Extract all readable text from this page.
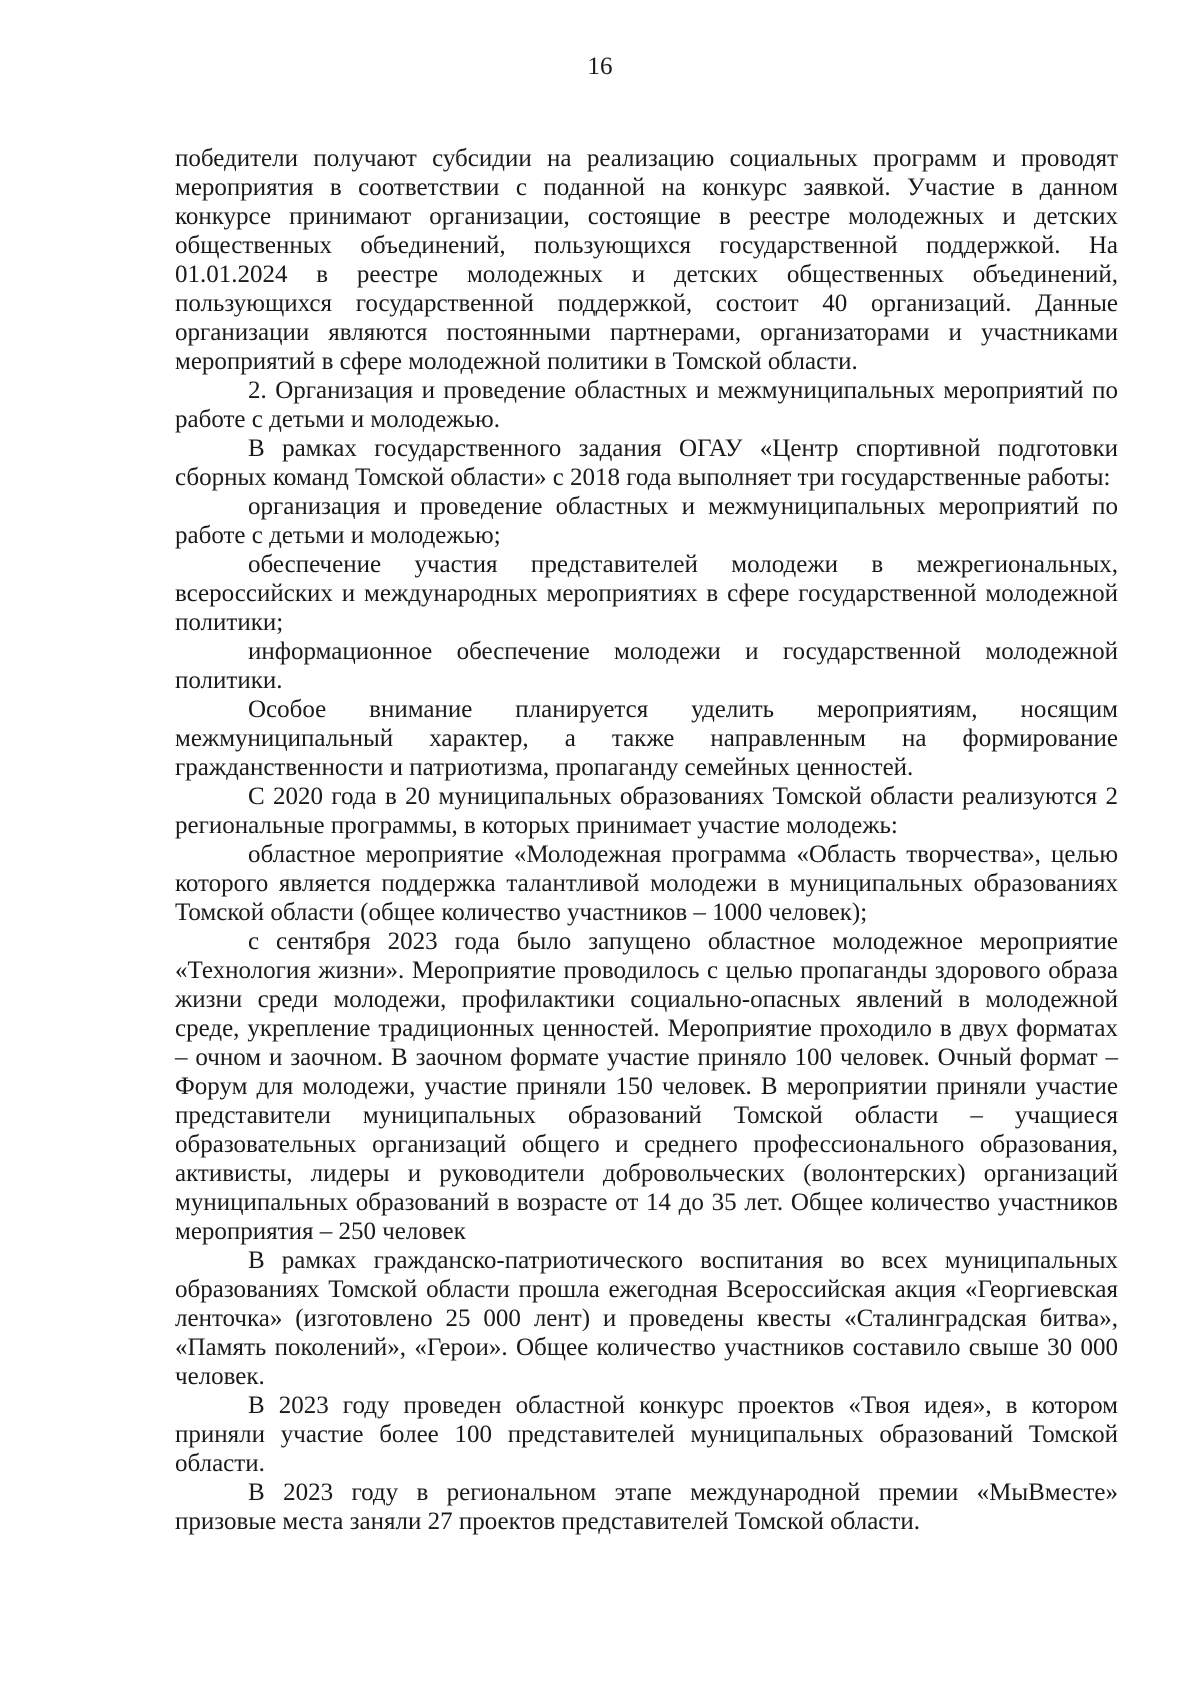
16

победители получают субсидии на реализацию социальных программ и проводят мероприятия в соответствии с поданной на конкурс заявкой. Участие в данном конкурсе принимают организации, состоящие в реестре молодежных и детских общественных объединений, пользующихся государственной поддержкой. На 01.01.2024 в реестре молодежных и детских общественных объединений, пользующихся государственной поддержкой, состоит 40 организаций. Данные организации являются постоянными партнерами, организаторами и участниками мероприятий в сфере молодежной политики в Томской области.

2. Организация и проведение областных и межмуниципальных мероприятий по работе с детьми и молодежью.

В рамках государственного задания ОГАУ «Центр спортивной подготовки сборных команд Томской области» с 2018 года выполняет три государственные работы:

организация и проведение областных и межмуниципальных мероприятий по работе с детьми и молодежью;

обеспечение участия представителей молодежи в межрегиональных, всероссийских и международных мероприятиях в сфере государственной молодежной политики;

информационное обеспечение молодежи и государственной молодежной политики.

Особое внимание планируется уделить мероприятиям, носящим межмуниципальный характер, а также направленным на формирование гражданственности и патриотизма, пропаганду семейных ценностей.

С 2020 года в 20 муниципальных образованиях Томской области реализуются 2 региональные программы, в которых принимает участие молодежь:

областное мероприятие «Молодежная программа «Область творчества», целью которого является поддержка талантливой молодежи в муниципальных образованиях Томской области (общее количество участников – 1000 человек);

с сентября 2023 года было запущено областное молодежное мероприятие «Технология жизни». Мероприятие проводилось с целью пропаганды здорового образа жизни среди молодежи, профилактики социально-опасных явлений в молодежной среде, укрепление традиционных ценностей. Мероприятие проходило в двух форматах – очном и заочном. В заочном формате участие приняло 100 человек. Очный формат – Форум для молодежи, участие приняли 150 человек. В мероприятии приняли участие представители муниципальных образований Томской области – учащиеся образовательных организаций общего и среднего профессионального образования, активисты, лидеры и руководители добровольческих (волонтерских) организаций муниципальных образований в возрасте от 14 до 35 лет. Общее количество участников мероприятия – 250 человек

В рамках гражданско-патриотического воспитания во всех муниципальных образованиях Томской области прошла ежегодная Всероссийская акция «Георгиевская ленточка» (изготовлено 25 000 лент) и проведены квесты «Сталинградская битва», «Память поколений», «Герои». Общее количество участников составило свыше 30 000 человек.

В 2023 году проведен областной конкурс проектов «Твоя идея», в котором приняли участие более 100 представителей муниципальных образований Томской области.

В 2023 году в региональном этапе международной премии «МыВместе» призовые места заняли 27 проектов представителей Томской области.
